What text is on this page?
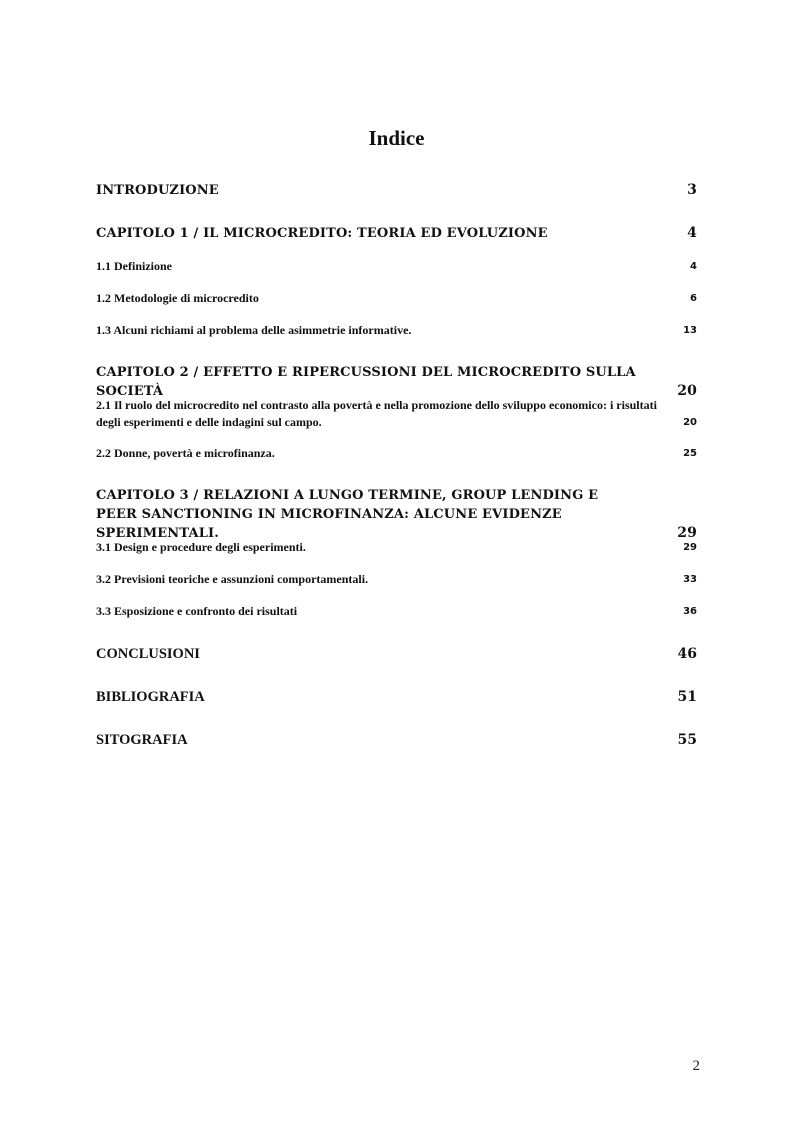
Indice
INTRODUZIONE	3
CAPITOLO 1 / IL MICROCREDITO: TEORIA ED EVOLUZIONE	4
1.1 Definizione	4
1.2 Metodologie di microcredito	6
1.3 Alcuni richiami al problema delle asimmetrie informative.	13
CAPITOLO 2 / EFFETTO E RIPERCUSSIONI DEL MICROCREDITO SULLA SOCIETÀ	20
2.1 Il ruolo del microcredito nel contrasto alla povertà e nella promozione dello sviluppo economico: i risultati degli esperimenti e delle indagini sul campo.	20
2.2 Donne, povertà e microfinanza.	25
CAPITOLO 3 / RELAZIONI A LUNGO TERMINE, GROUP LENDING E PEER SANCTIONING IN MICROFINANZA: ALCUNE EVIDENZE SPERIMENTALI.	29
3.1 Design e procedure degli esperimenti.	29
3.2 Previsioni teoriche e assunzioni comportamentali.	33
3.3 Esposizione e confronto dei risultati	36
CONCLUSIONI	46
BIBLIOGRAFIA	51
SITOGRAFIA	55
2
